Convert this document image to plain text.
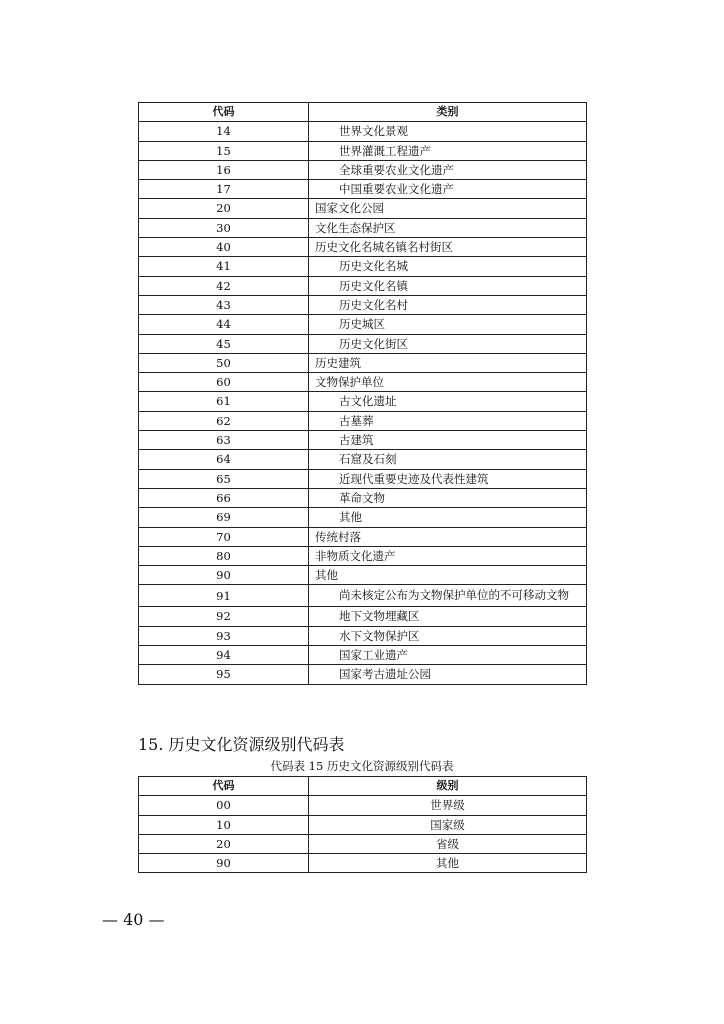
代码	类别
14	世界文化景观
15	世界灌溉工程遗产
16	全球重要农业文化遗产
17	中国重要农业文化遗产
20	国家文化公园
30	文化生态保护区
40	历史文化名城名镇名村街区
41	历史文化名城
42	历史文化名镇
43	历史文化名村
44	历史城区
45	历史文化街区
50	历史建筑
60	文物保护单位
61	古文化遗址
62	古墓葬
63	古建筑
64	石窟及石刻
65	近现代重要史迹及代表性建筑
66	革命文物
69	其他
70	传统村落
80	非物质文化遗产
90	其他
91	尚未核定公布为文物保护单位的不可移动文物
92	地下文物埋藏区
93	水下文物保护区
94	国家工业遗产
95	国家考古遗址公园
15. 历史文化资源级别代码表
代码表 15 历史文化资源级别代码表
代码	级别
00	世界级
10	国家级
20	省级
90	其他
— 40 —
